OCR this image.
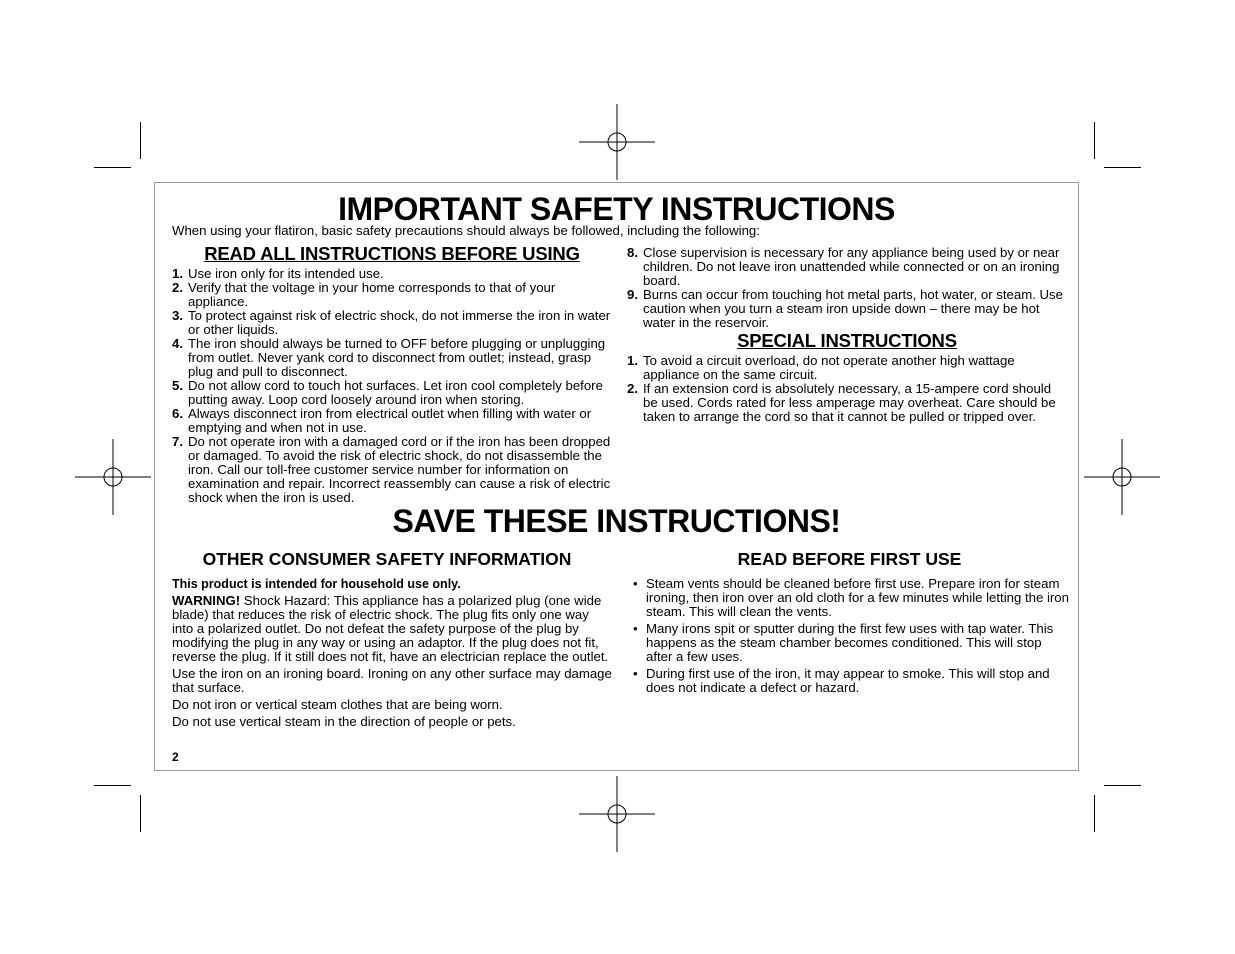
IMPORTANT SAFETY INSTRUCTIONS
When using your flatiron, basic safety precautions should always be followed, including the following:
READ ALL INSTRUCTIONS BEFORE USING
1. Use iron only for its intended use.
2. Verify that the voltage in your home corresponds to that of your appliance.
3. To protect against risk of electric shock, do not immerse the iron in water or other liquids.
4. The iron should always be turned to OFF before plugging or unplugging from outlet. Never yank cord to disconnect from outlet; instead, grasp plug and pull to disconnect.
5. Do not allow cord to touch hot surfaces. Let iron cool completely before putting away. Loop cord loosely around iron when storing.
6. Always disconnect iron from electrical outlet when filling with water or emptying and when not in use.
7. Do not operate iron with a damaged cord or if the iron has been dropped or damaged. To avoid the risk of electric shock, do not disassemble the iron. Call our toll-free customer service number for information on examination and repair. Incorrect reassembly can cause a risk of electric shock when the iron is used.
8. Close supervision is necessary for any appliance being used by or near children. Do not leave iron unattended while connected or on an ironing board.
9. Burns can occur from touching hot metal parts, hot water, or steam. Use caution when you turn a steam iron upside down – there may be hot water in the reservoir.
SPECIAL INSTRUCTIONS
1. To avoid a circuit overload, do not operate another high wattage appliance on the same circuit.
2. If an extension cord is absolutely necessary, a 15-ampere cord should be used. Cords rated for less amperage may overheat. Care should be taken to arrange the cord so that it cannot be pulled or tripped over.
SAVE THESE INSTRUCTIONS!
OTHER CONSUMER SAFETY INFORMATION	READ BEFORE FIRST USE

This product is intended for household use only.

WARNING! Shock Hazard: This appliance has a polarized plug (one wide blade) that reduces the risk of electric shock. The plug fits only one way into a polarized outlet. Do not defeat the safety purpose of the plug by modifying the plug in any way or using an adaptor. If the plug does not fit, reverse the plug. If it still does not fit, have an electrician replace the outlet.

Use the iron on an ironing board. Ironing on any other surface may damage that surface.

Do not iron or vertical steam clothes that are being worn.

Do not use vertical steam in the direction of people or pets.

• Steam vents should be cleaned before first use. Prepare iron for steam ironing, then iron over an old cloth for a few minutes while letting the iron steam. This will clean the vents.
• Many irons spit or sputter during the first few uses with tap water. This happens as the steam chamber becomes conditioned. This will stop after a few uses.
• During first use of the iron, it may appear to smoke. This will stop and does not indicate a defect or hazard.
2
